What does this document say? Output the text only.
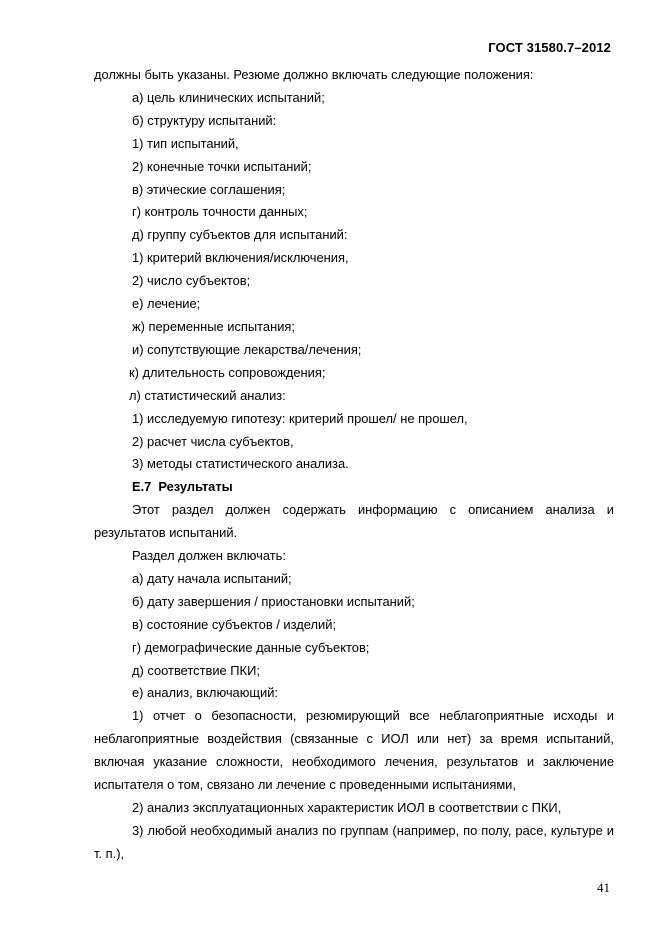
ГОСТ 31580.7–2012

должны быть указаны. Резюме должно включать следующие положения:

а) цель клинических испытаний;

б) структуру испытаний:

1) тип испытаний,

2) конечные точки испытаний;

в) этические соглашения;

г) контроль точности данных;

д) группу субъектов для испытаний:

1) критерий включения/исключения,

2) число субъектов;

е) лечение;

ж) переменные испытания;

и) сопутствующие лекарства/лечения;

к) длительность сопровождения;

л) статистический анализ:

1) исследуемую гипотезу: критерий прошел/ не прошел,

2) расчет числа субъектов,

3) методы статистического анализа.

Е.7 Результаты

Этот раздел должен содержать информацию с описанием анализа и результатов испытаний.

Раздел должен включать:

а) дату начала испытаний;

б) дату завершения / приостановки испытаний;

в) состояние субъектов / изделий;

г) демографические данные субъектов;

д) соответствие ПКИ;

е) анализ, включающий:

1) отчет о безопасности, резюмирующий все неблагоприятные исходы и неблагоприятные воздействия (связанные с ИОЛ или нет) за время испытаний, включая указание сложности, необходимого лечения, результатов и заключение испытателя о том, связано ли лечение с проведенными испытаниями,

2) анализ эксплуатационных характеристик ИОЛ в соответствии с ПКИ,

3) любой необходимый анализ по группам (например, по полу, расе, культуре и т. п.),

41
